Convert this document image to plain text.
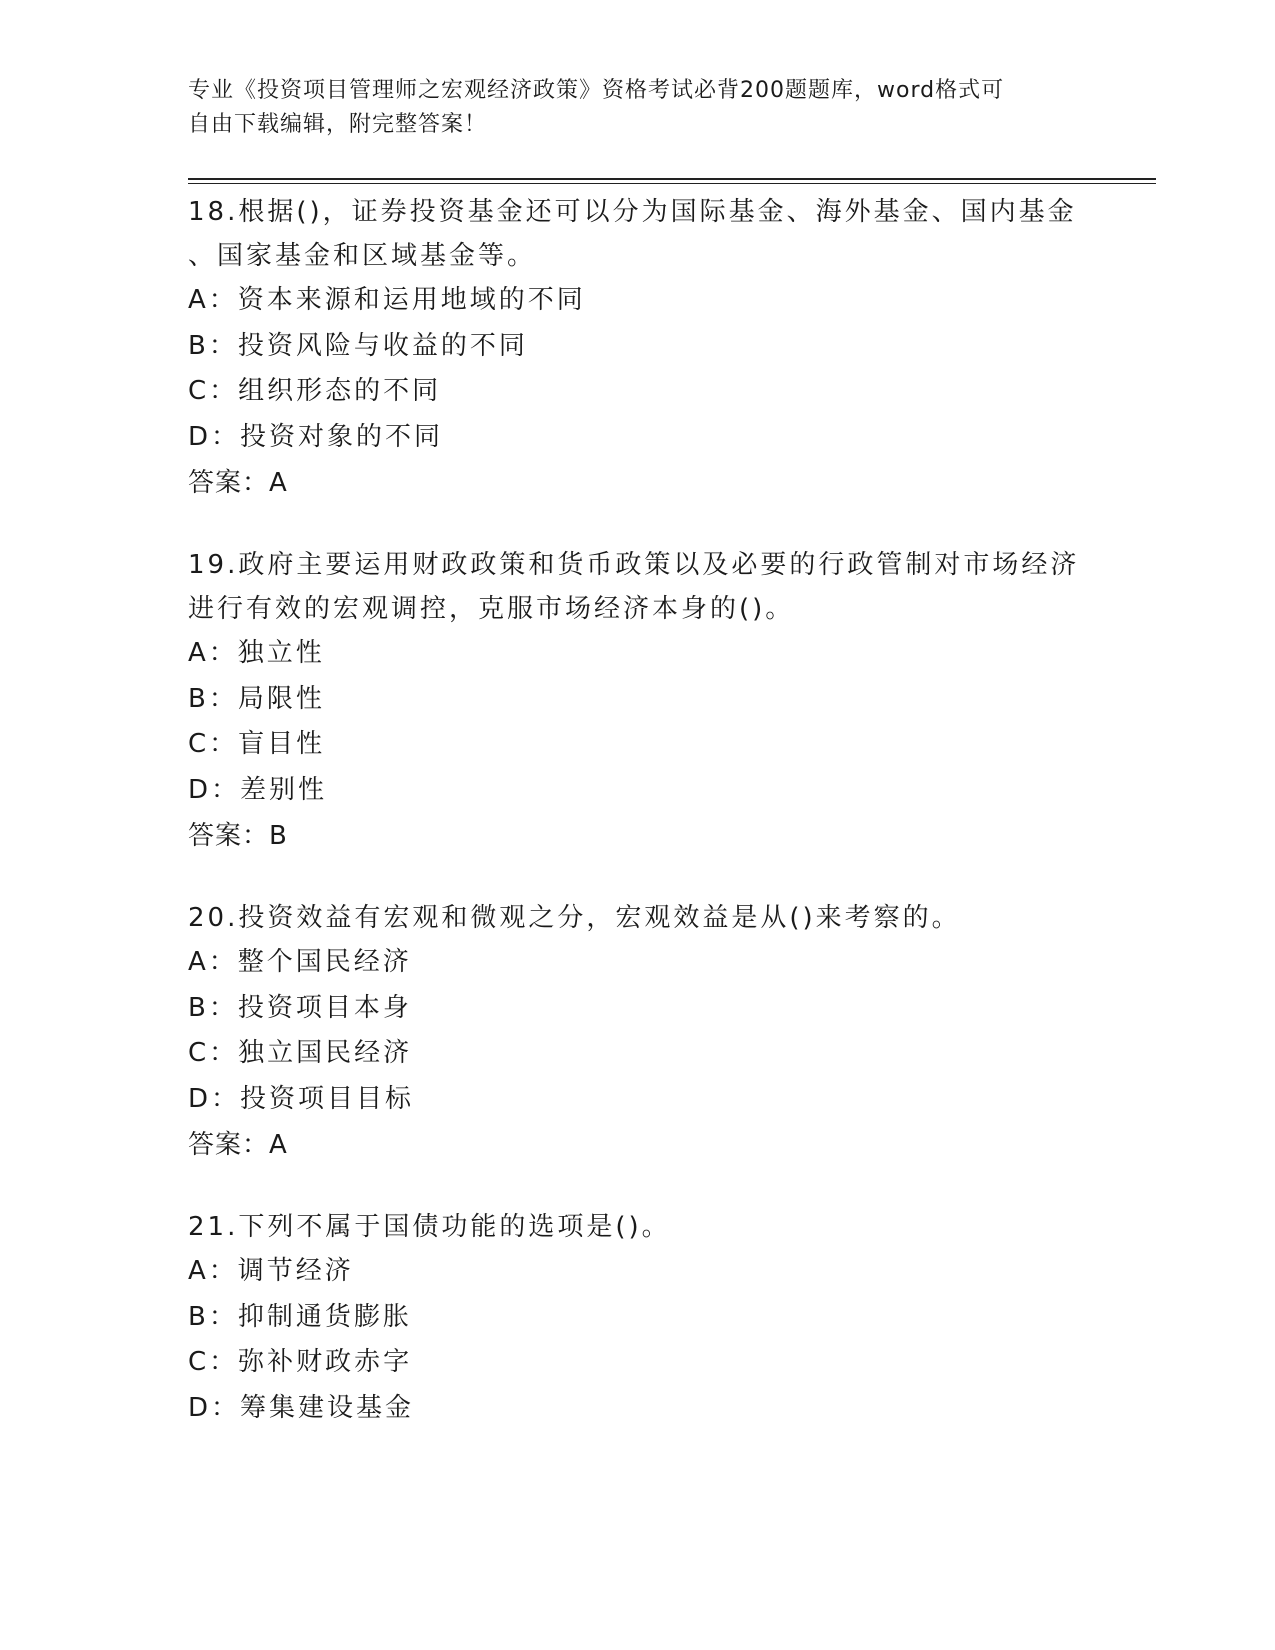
专业《投资项目管理师之宏观经济政策》资格考试必背200题题库，word格式可
自由下载编辑，附完整答案！

18.根据()，证券投资基金还可以分为国际基金、海外基金、国内基金

、国家基金和区域基金等。

A：资本来源和运用地域的不同

B：投资风险与收益的不同

C：组织形态的不同

D：投资对象的不同

答案：A

19.政府主要运用财政政策和货币政策以及必要的行政管制对市场经济

进行有效的宏观调控，克服市场经济本身的()。

A：独立性

B：局限性

C：盲目性

D：差别性

答案：B

20.投资效益有宏观和微观之分，宏观效益是从()来考察的。

A：整个国民经济

B：投资项目本身

C：独立国民经济

D：投资项目目标

答案：A

21.下列不属于国债功能的选项是()。

A：调节经济

B：抑制通货膨胀

C：弥补财政赤字

D：筹集建设基金
